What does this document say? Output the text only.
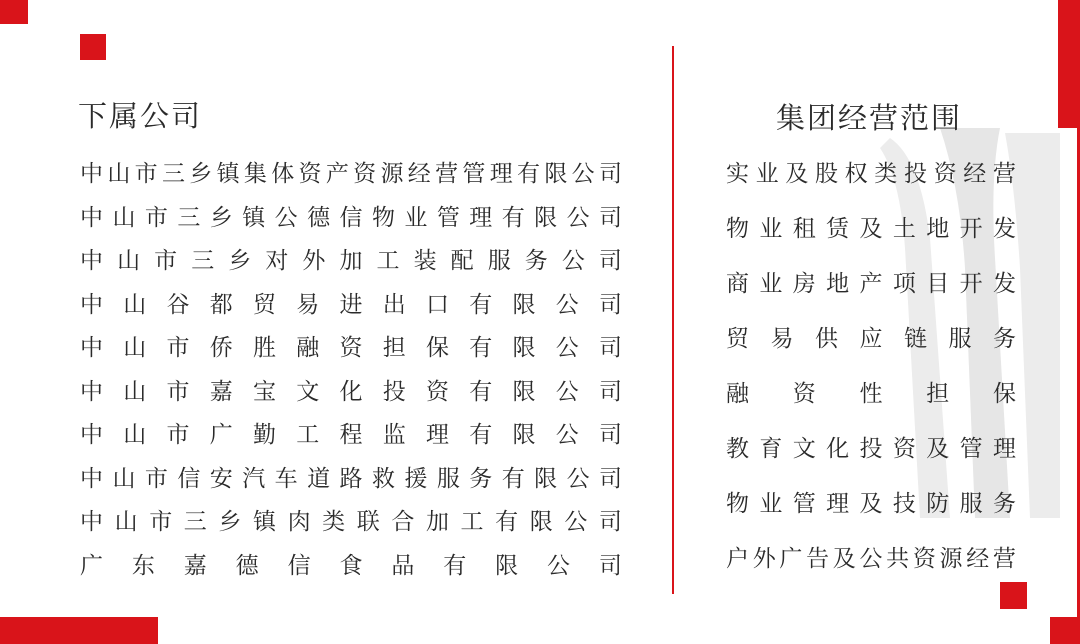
下属公司
中 山 市 三 乡 镇 集 体 资 产 资 源 经 营 管 理 有 限 公 司
中 山 市 三 乡 镇 公 德 信 物 业 管 理 有 限 公 司
中 山 市 三 乡 对 外 加 工 装 配 服 务 公 司
中 山 谷 都 贸 易 进 出 口 有 限 公 司
中 山 市 侨 胜 融 资 担 保 有 限 公 司
中 山 市 嘉 宝 文 化 投 资 有 限 公 司
中 山 市 广 勤 工 程 监 理 有 限 公 司
中 山 市 信 安 汽 车 道 路 救 援 服 务 有 限 公 司
中 山 市 三 乡 镇 肉 类 联 合 加 工 有 限 公 司
广 东 嘉 德 信 食 品 有 限 公 司
集团经营范围
实 业 及 股 权 类 投 资 经 营
物 业 租 赁 及 土 地 开 发
商 业 房 地 产 项 目 开 发
贸 易 供 应 链 服 务
融 资 性 担 保
教 育 文 化 投 资 及 管 理
物 业 管 理 及 技 防 服 务
户 外 广 告 及 公 共 资 源 经 营
